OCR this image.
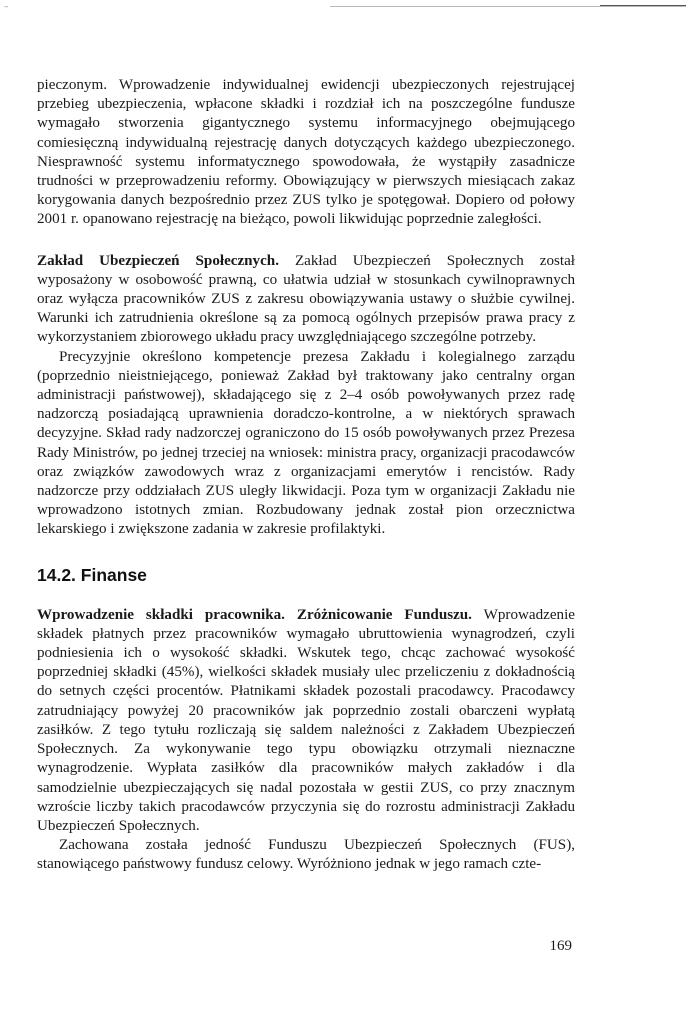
–

pieczonym. Wprowadzenie indywidualnej ewidencji ubezpieczonych rejestrującej przebieg ubezpieczenia, wpłacone składki i rozdział ich na poszczególne fundusze wymagało stworzenia gigantycznego systemu informacyjnego obejmującego comiesięczną indywidualną rejestrację danych dotyczących każdego ubezpieczonego. Niesprawność systemu informatycznego spowodowała, że wystąpiły zasadnicze trudności w przeprowadzeniu reformy. Obowiązujący w pierwszych miesiącach zakaz korygowania danych bezpośrednio przez ZUS tylko je spotęgował. Dopiero od połowy 2001 r. opanowano rejestrację na bieżąco, powoli likwidując poprzednie zaległości.

Zakład Ubezpieczeń Społecznych. Zakład Ubezpieczeń Społecznych został wyposażony w osobowość prawną, co ułatwia udział w stosunkach cywilnoprawnych oraz wyłącza pracowników ZUS z zakresu obowiązywania ustawy o służbie cywilnej. Warunki ich zatrudnienia określone są za pomocą ogólnych przepisów prawa pracy z wykorzystaniem zbiorowego układu pracy uwzględniającego szczególne potrzeby.

Precyzyjnie określono kompetencje prezesa Zakładu i kolegialnego zarządu (poprzednio nieistniejącego, ponieważ Zakład był traktowany jako centralny organ administracji państwowej), składającego się z 2–4 osób powoływanych przez radę nadzorczą posiadającą uprawnienia doradczo-kontrolne, a w niektórych sprawach decyzyjne. Skład rady nadzorczej ograniczono do 15 osób powoływanych przez Prezesa Rady Ministrów, po jednej trzeciej na wniosek: ministra pracy, organizacji pracodawców oraz związków zawodowych wraz z organizacjami emerytów i rencistów. Rady nadzorcze przy oddziałach ZUS uległy likwidacji. Poza tym w organizacji Zakładu nie wprowadzono istotnych zmian. Rozbudowany jednak został pion orzecznictwa lekarskiego i zwiększone zadania w zakresie profilaktyki.

14.2. Finanse

Wprowadzenie składki pracownika. Zróżnicowanie Funduszu. Wprowadzenie składek płatnych przez pracowników wymagało ubruttowienia wynagrodzeń, czyli podniesienia ich o wysokość składki. Wskutek tego, chcąc zachować wysokość poprzedniej składki (45%), wielkości składek musiały ulec przeliczeniu z dokładnością do setnych części procentów. Płatnikami składek pozostali pracodawcy. Pracodawcy zatrudniający powyżej 20 pracowników jak poprzednio zostali obarczeni wypłatą zasiłków. Z tego tytułu rozliczają się saldem należności z Zakładem Ubezpieczeń Społecznych. Za wykonywanie tego typu obowiązku otrzymali nieznaczne wynagrodzenie. Wypłata zasiłków dla pracowników małych zakładów i dla samodzielnie ubezpieczających się nadal pozostała w gestii ZUS, co przy znacznym wzroście liczby takich pracodawców przyczynia się do rozrostu administracji Zakładu Ubezpieczeń Społecznych.

Zachowana została jedność Funduszu Ubezpieczeń Społecznych (FUS), stanowiącego państwowy fundusz celowy. Wyróżniono jednak w jego ramach czte-

169
